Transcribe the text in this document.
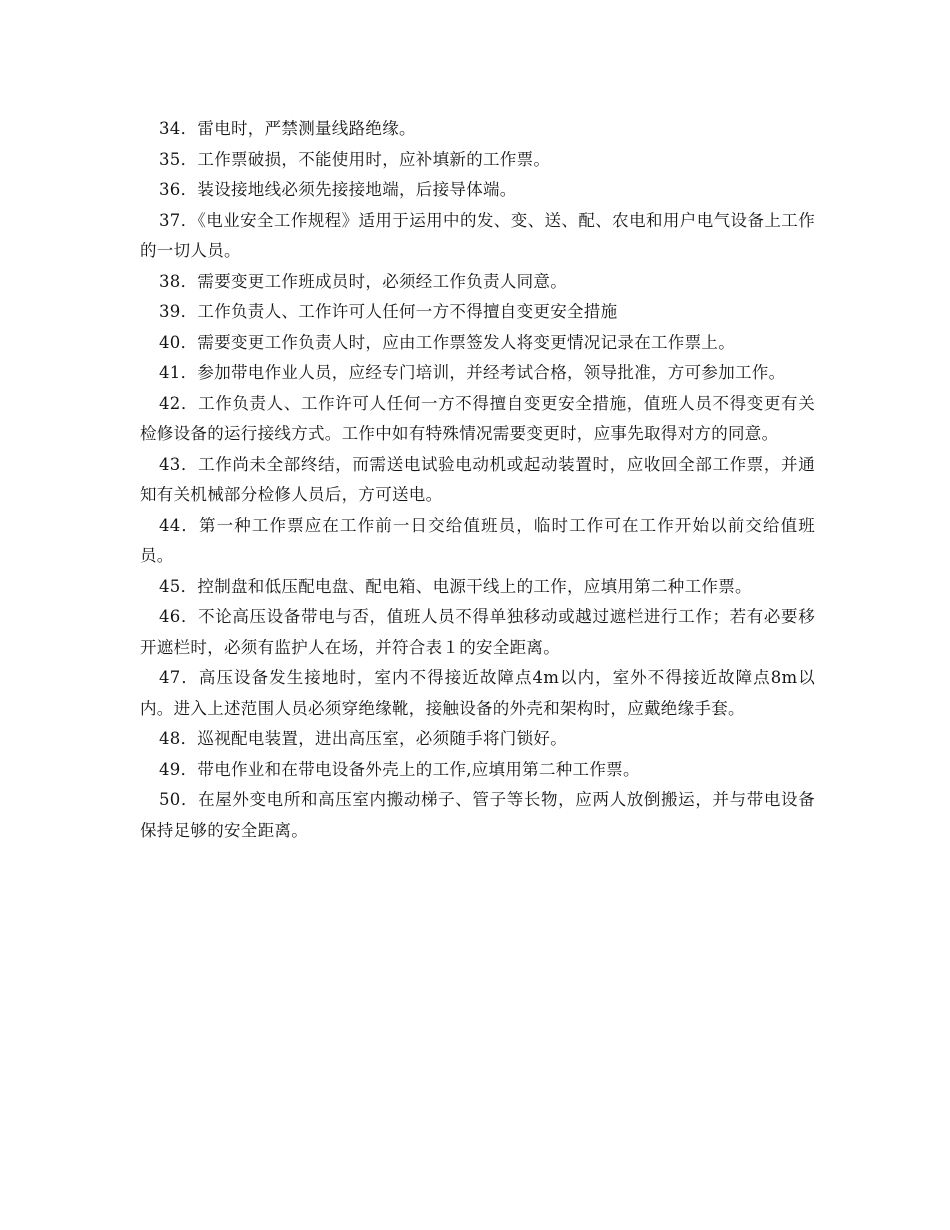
34．雷电时，严禁测量线路绝缘。

35．工作票破损，不能使用时，应补填新的工作票。

36．装设接地线必须先接接地端，后接导体端。

37．《电业安全工作规程》适用于运用中的发、变、送、配、农电和用户电气设备上工作的一切人员。

38．需要变更工作班成员时，必须经工作负责人同意。

39．工作负责人、工作许可人任何一方不得擅自变更安全措施

40．需要变更工作负责人时，应由工作票签发人将变更情况记录在工作票上。

41．参加带电作业人员，应经专门培训，并经考试合格，领导批准，方可参加工作。

42．工作负责人、工作许可人任何一方不得擅自变更安全措施，值班人员不得变更有关检修设备的运行接线方式。工作中如有特殊情况需要变更时，应事先取得对方的同意。

43．工作尚未全部终结，而需送电试验电动机或起动装置时，应收回全部工作票，并通知有关机械部分检修人员后，方可送电。

44．第一种工作票应在工作前一日交给值班员，临时工作可在工作开始以前交给值班员。

45．控制盘和低压配电盘、配电箱、电源干线上的工作，应填用第二种工作票。

46．不论高压设备带电与否，值班人员不得单独移动或越过遮栏进行工作；若有必要移开遮栏时，必须有监护人在场，并符合表１的安全距离。

47．高压设备发生接地时，室内不得接近故障点4m以内，室外不得接近故障点8m以内。进入上述范围人员必须穿绝缘靴，接触设备的外壳和架构时，应戴绝缘手套。

48．巡视配电装置，进出高压室，必须随手将门锁好。

49．带电作业和在带电设备外壳上的工作,应填用第二种工作票。

50．在屋外变电所和高压室内搬动梯子、管子等长物，应两人放倒搬运，并与带电设备保持足够的安全距离。
